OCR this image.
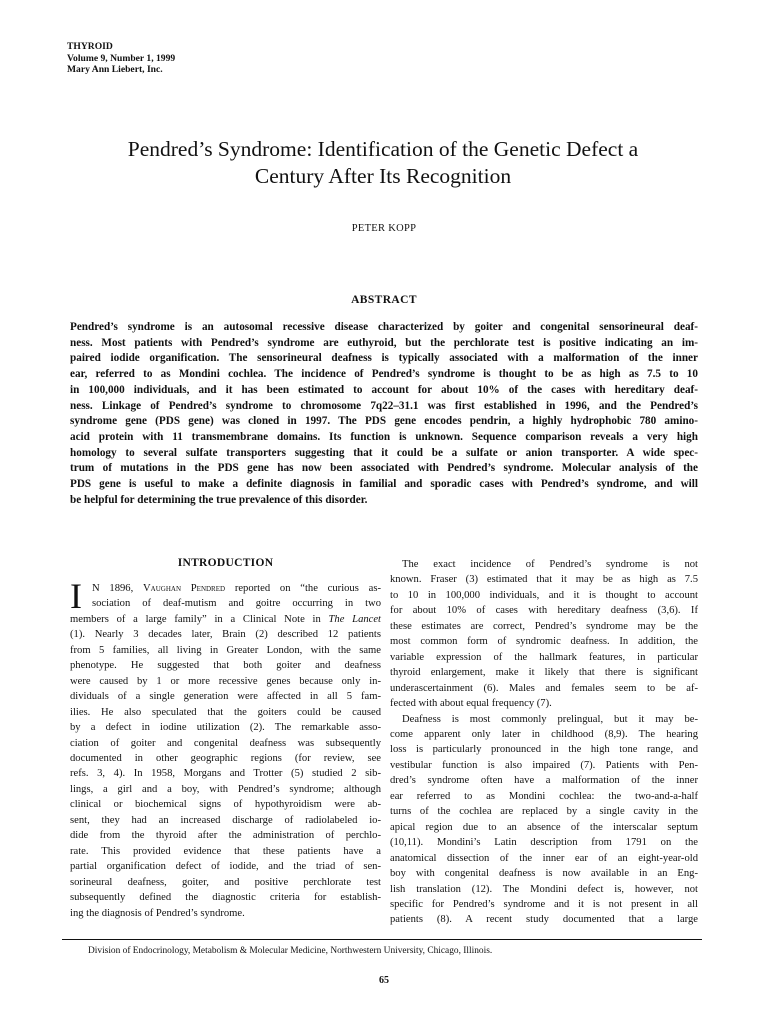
THYROID
Volume 9, Number 1, 1999
Mary Ann Liebert, Inc.
Pendred’s Syndrome: Identification of the Genetic Defect a
Century After Its Recognition
PETER KOPP
ABSTRACT
Pendred’s syndrome is an autosomal recessive disease characterized by goiter and congenital sensorineural deaf-
ness. Most patients with Pendred’s syndrome are euthyroid, but the perchlorate test is positive indicating an im-
paired iodide organification. The sensorineural deafness is typically associated with a malformation of the inner
ear, referred to as Mondini cochlea. The incidence of Pendred’s syndrome is thought to be as high as 7.5 to 10
in 100,000 individuals, and it has been estimated to account for about 10% of the cases with hereditary deaf-
ness. Linkage of Pendred’s syndrome to chromosome 7q22–31.1 was first established in 1996, and the Pendred’s
syndrome gene (PDS gene) was cloned in 1997. The PDS gene encodes pendrin, a highly hydrophobic 780 amino-
acid protein with 11 transmembrane domains. Its function is unknown. Sequence comparison reveals a very high
homology to several sulfate transporters suggesting that it could be a sulfate or anion transporter. A wide spec-
trum of mutations in the PDS gene has now been associated with Pendred’s syndrome. Molecular analysis of the
PDS gene is useful to make a definite diagnosis in familial and sporadic cases with Pendred’s syndrome, and will
be helpful for determining the true prevalence of this disorder.
INTRODUCTION
I N 1896, Vaughan Pendred reported on “the curious as-
sociation of deaf-mutism and goitre occurring in two
members of a large family” in a Clinical Note in The Lancet
(1). Nearly 3 decades later, Brain (2) described 12 patients
from 5 families, all living in Greater London, with the same
phenotype. He suggested that both goiter and deafness
were caused by 1 or more recessive genes because only in-
dividuals of a single generation were affected in all 5 fam-
ilies. He also speculated that the goiters could be caused
by a defect in iodine utilization (2). The remarkable asso-
ciation of goiter and congenital deafness was subsequently
documented in other geographic regions (for review, see
refs. 3, 4). In 1958, Morgans and Trotter (5) studied 2 sib-
lings, a girl and a boy, with Pendred’s syndrome; although
clinical or biochemical signs of hypothyroidism were ab-
sent, they had an increased discharge of radiolabeled io-
dide from the thyroid after the administration of perchlo-
rate. This provided evidence that these patients have a
partial organification defect of iodide, and the triad of sen-
sorineural deafness, goiter, and positive perchlorate test
subsequently defined the diagnostic criteria for establish-
ing the diagnosis of Pendred’s syndrome.
The exact incidence of Pendred’s syndrome is not
known. Fraser (3) estimated that it may be as high as 7.5
to 10 in 100,000 individuals, and it is thought to account
for about 10% of cases with hereditary deafness (3,6). If
these estimates are correct, Pendred’s syndrome may be the
most common form of syndromic deafness. In addition, the
variable expression of the hallmark features, in particular
thyroid enlargement, make it likely that there is significant
underascertainment (6). Males and females seem to be af-
fected with about equal frequency (7).
Deafness is most commonly prelingual, but it may be-
come apparent only later in childhood (8,9). The hearing
loss is particularly pronounced in the high tone range, and
vestibular function is also impaired (7). Patients with Pen-
dred’s syndrome often have a malformation of the inner
ear referred to as Mondini cochlea: the two-and-a-half
turns of the cochlea are replaced by a single cavity in the
apical region due to an absence of the interscalar septum
(10,11). Mondini’s Latin description from 1791 on the
anatomical dissection of the inner ear of an eight-year-old
boy with congenital deafness is now available in an Eng-
lish translation (12). The Mondini defect is, however, not
specific for Pendred’s syndrome and it is not present in all
patients (8). A recent study documented that a large
Division of Endocrinology, Metabolism & Molecular Medicine, Northwestern University, Chicago, Illinois.
65
